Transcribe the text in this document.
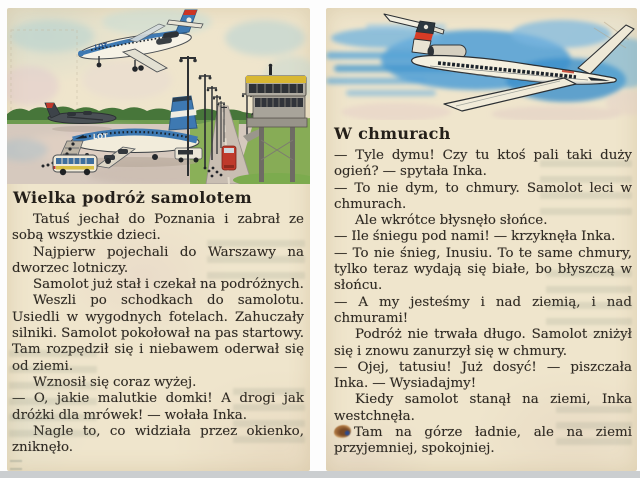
LOT
LOT
Wielka podróż samolotem

Tatuś jechał do Poznania i zabrał ze sobą wszystkie dzieci.

Najpierw pojechali do Warszawy na dworzec lotniczy.

Samolot już stał i czekał na podróżnych.

Weszli po schodkach do samolotu. Usiedli w wygodnych fotelach. Zahuczały silniki. Samolot pokołował na pas startowy. Tam rozpędził się i niebawem oderwał się od ziemi.

Wznosił się coraz wyżej.

— O, jakie malutkie domki! A drogi jak dróżki dla mrówek! — wołała Inka.

Nagle to, co widziała przez okienko, zniknęło.

W chmurach

— Tyle dymu! Czy tu ktoś pali taki duży ogień? — spytała Inka.

— To nie dym, to chmury. Samolot leci w chmurach.

Ale wkrótce błysnęło słońce.

— Ile śniegu pod nami! — krzyknęła Inka.

— To nie śnieg, Inusiu. To te same chmury, tylko teraz wydają się białe, bo błyszczą w słońcu.

— A my jesteśmy i nad ziemią, i nad chmurami!

Podróż nie trwała długo. Samolot zniżył się i znowu zanurzył się w chmury.

— Ojej, tatusiu! Już dosyć! — piszczała Inka. — Wysiadajmy!

Kiedy samolot stanął na ziemi, Inka westchnęła.

Tam na górze ładnie, ale na ziemi przyjemniej, spokojniej.
